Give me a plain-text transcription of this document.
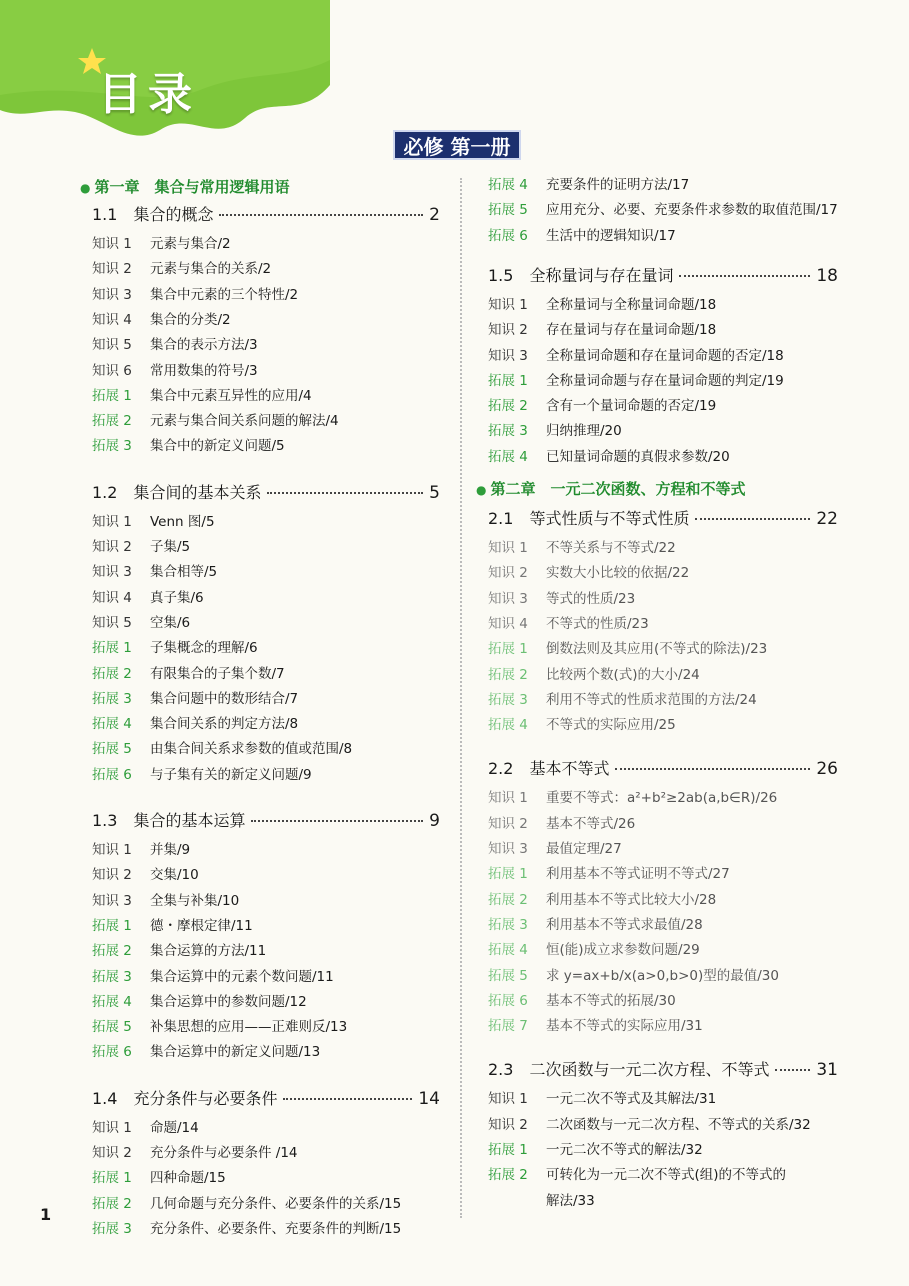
目录
必修 第一册
● 第一章　集合与常用逻辑用语
1.1　集合的概念	2
知识 1 元素与集合/2
知识 2 元素与集合的关系/2
知识 3 集合中元素的三个特性/2
知识 4 集合的分类/2
知识 5 集合的表示方法/3
知识 6 常用数集的符号/3
拓展 1 集合中元素互异性的应用/4
拓展 2 元素与集合间关系问题的解法/4
拓展 3 集合中的新定义问题/5
1.2　集合间的基本关系	5
知识 1 Venn 图/5
知识 2 子集/5
知识 3 集合相等/5
知识 4 真子集/6
知识 5 空集/6
拓展 1 子集概念的理解/6
拓展 2 有限集合的子集个数/7
拓展 3 集合问题中的数形结合/7
拓展 4 集合间关系的判定方法/8
拓展 5 由集合间关系求参数的值或范围/8
拓展 6 与子集有关的新定义问题/9
1.3　集合的基本运算	9
知识 1 并集/9
知识 2 交集/10
知识 3 全集与补集/10
拓展 1 德・摩根定律/11
拓展 2 集合运算的方法/11
拓展 3 集合运算中的元素个数问题/11
拓展 4 集合运算中的参数问题/12
拓展 5 补集思想的应用——正难则反/13
拓展 6 集合运算中的新定义问题/13
1.4　充分条件与必要条件	14
知识 1 命题/14
知识 2 充分条件与必要条件 /14
拓展 1 四种命题/15
拓展 2 几何命题与充分条件、必要条件的关系/15
拓展 3 充分条件、必要条件、充要条件的判断/15
拓展 4 充要条件的证明方法/17
拓展 5 应用充分、必要、充要条件求参数的取值范围/17
拓展 6 生活中的逻辑知识/17
1.5　全称量词与存在量词	18
知识 1 全称量词与全称量词命题/18
知识 2 存在量词与存在量词命题/18
知识 3 全称量词命题和存在量词命题的否定/18
拓展 1 全称量词命题与存在量词命题的判定/19
拓展 2 含有一个量词命题的否定/19
拓展 3 归纳推理/20
拓展 4 已知量词命题的真假求参数/20
● 第二章　一元二次函数、方程和不等式
2.1　等式性质与不等式性质	22
知识 1 不等关系与不等式/22
知识 2 实数大小比较的依据/22
知识 3 等式的性质/23
知识 4 不等式的性质/23
拓展 1 倒数法则及其应用(不等式的除法)/23
拓展 2 比较两个数(式)的大小/24
拓展 3 利用不等式的性质求范围的方法/24
拓展 4 不等式的实际应用/25
2.2　基本不等式	26
知识 1 重要不等式：a²+b²≥2ab(a,b∈R)/26
知识 2 基本不等式/26
知识 3 最值定理/27
拓展 1 利用基本不等式证明不等式/27
拓展 2 利用基本不等式比较大小/28
拓展 3 利用基本不等式求最值/28
拓展 4 恒(能)成立求参数问题/29
拓展 5 求 y=ax+b/x(a>0,b>0)型的最值/30
拓展 6 基本不等式的拓展/30
拓展 7 基本不等式的实际应用/31
2.3　二次函数与一元二次方程、不等式	31
知识 1 一元二次不等式及其解法/31
知识 2 二次函数与一元二次方程、不等式的关系/32
拓展 1 一元二次不等式的解法/32
拓展 2 可转化为一元二次不等式(组)的不等式的
解法/33
1
